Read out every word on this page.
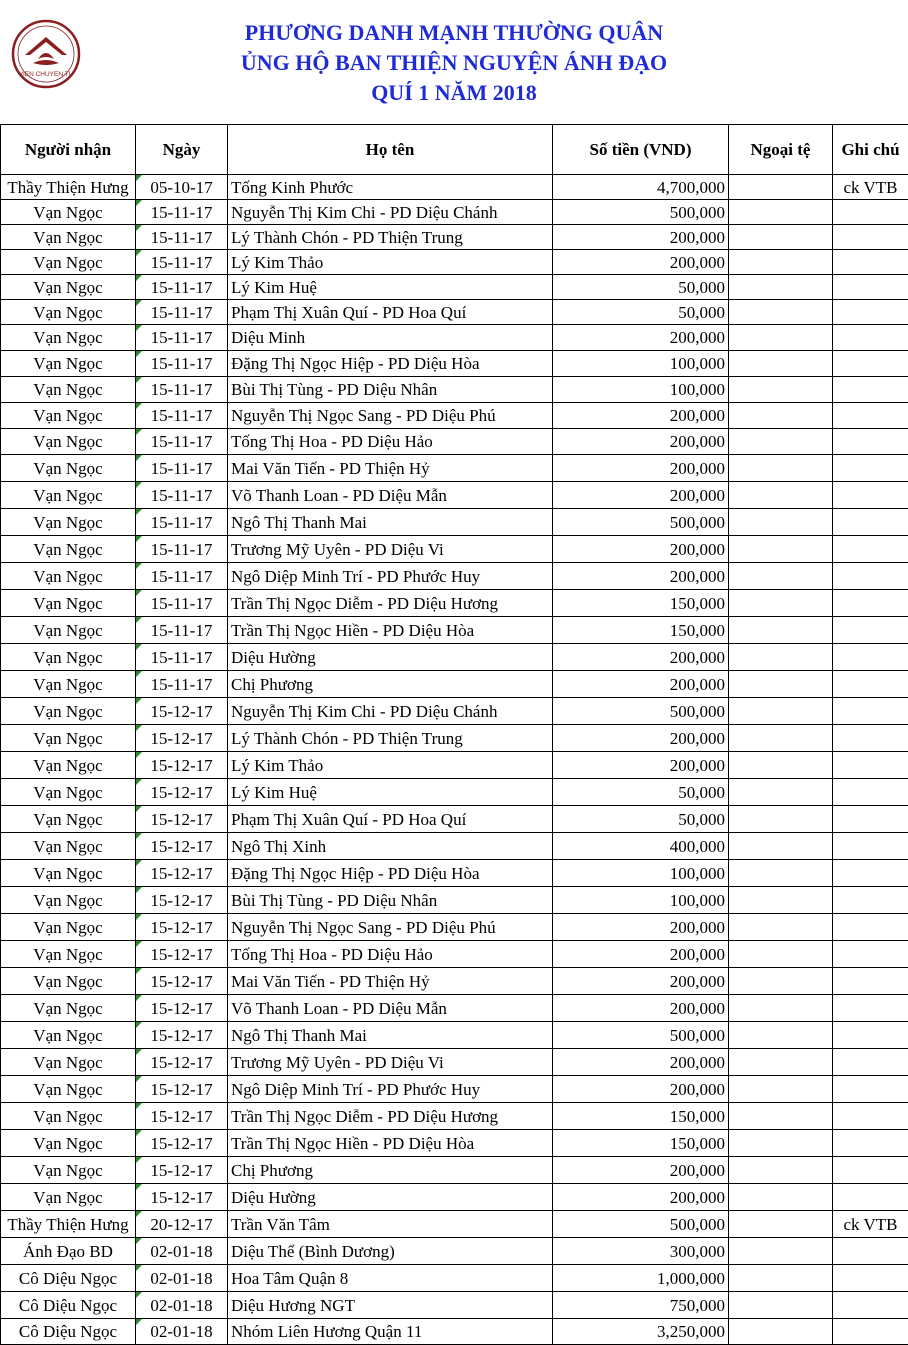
VIEN CHUYEN TU
PHƯƠNG DANH MẠNH THƯỜNG QUÂN
ỦNG HỘ BAN THIỆN NGUYỆN ÁNH ĐẠO
QUÍ 1 NĂM 2018
Người nhận	Ngày	Họ tên	Số tiền (VND)	Ngoại tệ	Ghi chú
Thầy Thiện Hưng	05-10-17	Tống Kinh Phước	4,700,000		ck VTB
Vạn Ngọc	15-11-17	Nguyễn Thị Kim Chi - PD Diệu Chánh	500,000		
Vạn Ngọc	15-11-17	Lý Thành Chón - PD Thiện Trung	200,000		
Vạn Ngọc	15-11-17	Lý Kim Thảo	200,000		
Vạn Ngọc	15-11-17	Lý Kim Huệ	50,000		
Vạn Ngọc	15-11-17	Phạm Thị Xuân Quí - PD Hoa Quí	50,000		
Vạn Ngọc	15-11-17	Diệu Minh	200,000		
Vạn Ngọc	15-11-17	Đặng Thị Ngọc Hiệp - PD Diệu Hòa	100,000		
Vạn Ngọc	15-11-17	Bùi Thị Tùng - PD Diệu Nhân	100,000		
Vạn Ngọc	15-11-17	Nguyễn Thị Ngọc Sang - PD Diệu Phú	200,000		
Vạn Ngọc	15-11-17	Tống Thị Hoa - PD Diệu Hảo	200,000		
Vạn Ngọc	15-11-17	Mai Văn Tiến - PD Thiện Hỷ	200,000		
Vạn Ngọc	15-11-17	Võ Thanh Loan - PD Diệu Mẫn	200,000		
Vạn Ngọc	15-11-17	Ngô Thị Thanh Mai	500,000		
Vạn Ngọc	15-11-17	Trương Mỹ Uyên - PD Diệu Vi	200,000		
Vạn Ngọc	15-11-17	Ngô Diệp Minh Trí - PD Phước Huy	200,000		
Vạn Ngọc	15-11-17	Trần Thị Ngọc Diễm - PD Diệu Hương	150,000		
Vạn Ngọc	15-11-17	Trần Thị Ngọc Hiền - PD Diệu Hòa	150,000		
Vạn Ngọc	15-11-17	Diệu Hường	200,000		
Vạn Ngọc	15-11-17	Chị Phương	200,000		
Vạn Ngọc	15-12-17	Nguyễn Thị Kim Chi - PD Diệu Chánh	500,000		
Vạn Ngọc	15-12-17	Lý Thành Chón - PD Thiện Trung	200,000		
Vạn Ngọc	15-12-17	Lý Kim Thảo	200,000		
Vạn Ngọc	15-12-17	Lý Kim Huệ	50,000		
Vạn Ngọc	15-12-17	Phạm Thị Xuân Quí - PD Hoa Quí	50,000		
Vạn Ngọc	15-12-17	Ngô Thị Xinh	400,000		
Vạn Ngọc	15-12-17	Đặng Thị Ngọc Hiệp - PD Diệu Hòa	100,000		
Vạn Ngọc	15-12-17	Bùi Thị Tùng - PD Diệu Nhân	100,000		
Vạn Ngọc	15-12-17	Nguyễn Thị Ngọc Sang - PD Diệu Phú	200,000		
Vạn Ngọc	15-12-17	Tống Thị Hoa - PD Diệu Hảo	200,000		
Vạn Ngọc	15-12-17	Mai Văn Tiến - PD Thiện Hỷ	200,000		
Vạn Ngọc	15-12-17	Võ Thanh Loan - PD Diệu Mẫn	200,000		
Vạn Ngọc	15-12-17	Ngô Thị Thanh Mai	500,000		
Vạn Ngọc	15-12-17	Trương Mỹ Uyên - PD Diệu Vi	200,000		
Vạn Ngọc	15-12-17	Ngô Diệp Minh Trí - PD Phước Huy	200,000		
Vạn Ngọc	15-12-17	Trần Thị Ngọc Diễm - PD Diệu Hương	150,000		
Vạn Ngọc	15-12-17	Trần Thị Ngọc Hiền - PD Diệu Hòa	150,000		
Vạn Ngọc	15-12-17	Chị Phương	200,000		
Vạn Ngọc	15-12-17	Diệu Hường	200,000		
Thầy Thiện Hưng	20-12-17	Trần Văn Tâm	500,000		ck VTB
Ánh Đạo BD	02-01-18	Diệu Thể (Bình Dương)	300,000		
Cô Diệu Ngọc	02-01-18	Hoa Tâm Quận 8	1,000,000		
Cô Diệu Ngọc	02-01-18	Diệu Hương NGT	750,000		
Cô Diệu Ngọc	02-01-18	Nhóm Liên Hương Quận 11	3,250,000		
